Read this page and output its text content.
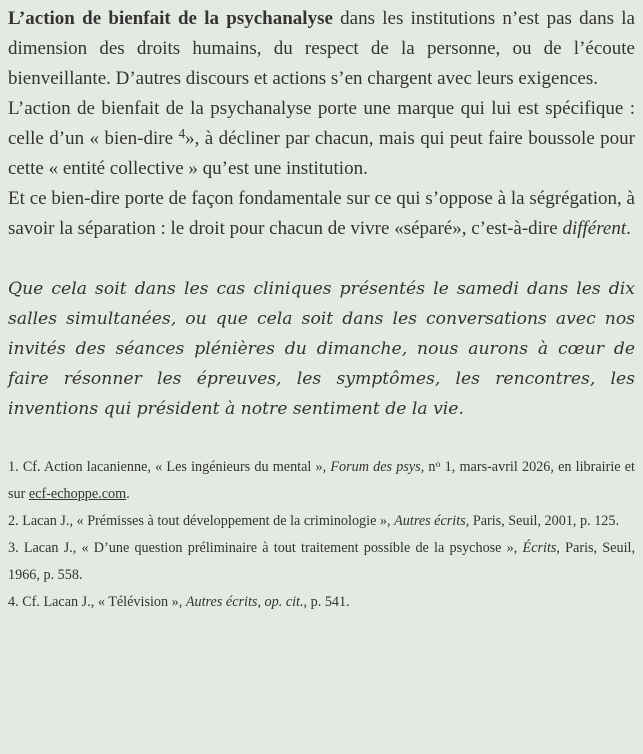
L’action de bienfait de la psychanalyse dans les institutions n’est pas dans la dimension des droits humains, du respect de la personne, ou de l’écoute bienveillante. D’autres discours et actions s’en chargent avec leurs exigences.

L’action de bienfait de la psychanalyse porte une marque qui lui est spécifique : celle d’un « bien-dire $^4$», à décliner par chacun, mais qui peut faire boussole pour cette « entité collective » qu’est une institution.

Et ce bien-dire porte de façon fondamentale sur ce qui s’oppose à la ségrégation, à savoir la séparation : le droit pour chacun de vivre «séparé», c’est-à-dire différent.

Que cela soit dans les cas cliniques présentés le samedi dans les dix salles simultanées, ou que cela soit dans les conversations avec nos invités des séances plénières du dimanche, nous aurons à cœur de faire résonner les épreuves, les symptômes, les rencontres, les inventions qui président à notre sentiment de la vie.

1. Cf. Action lacanienne, « Les ingénieurs du mental », Forum des psys, $n^o$ 1, mars-avril 2026, en librairie et sur ecf-echoppe.com.

2. Lacan J., « Prémisses à tout développement de la criminologie », Autres écrits, Paris, Seuil, 2001, p. 125.

3. Lacan J., « D’une question préliminaire à tout traitement possible de la psychose », Écrits, Paris, Seuil, 1966, p. 558.

4. Cf. Lacan J., « Télévision », Autres écrits, op. cit., p. 541.
